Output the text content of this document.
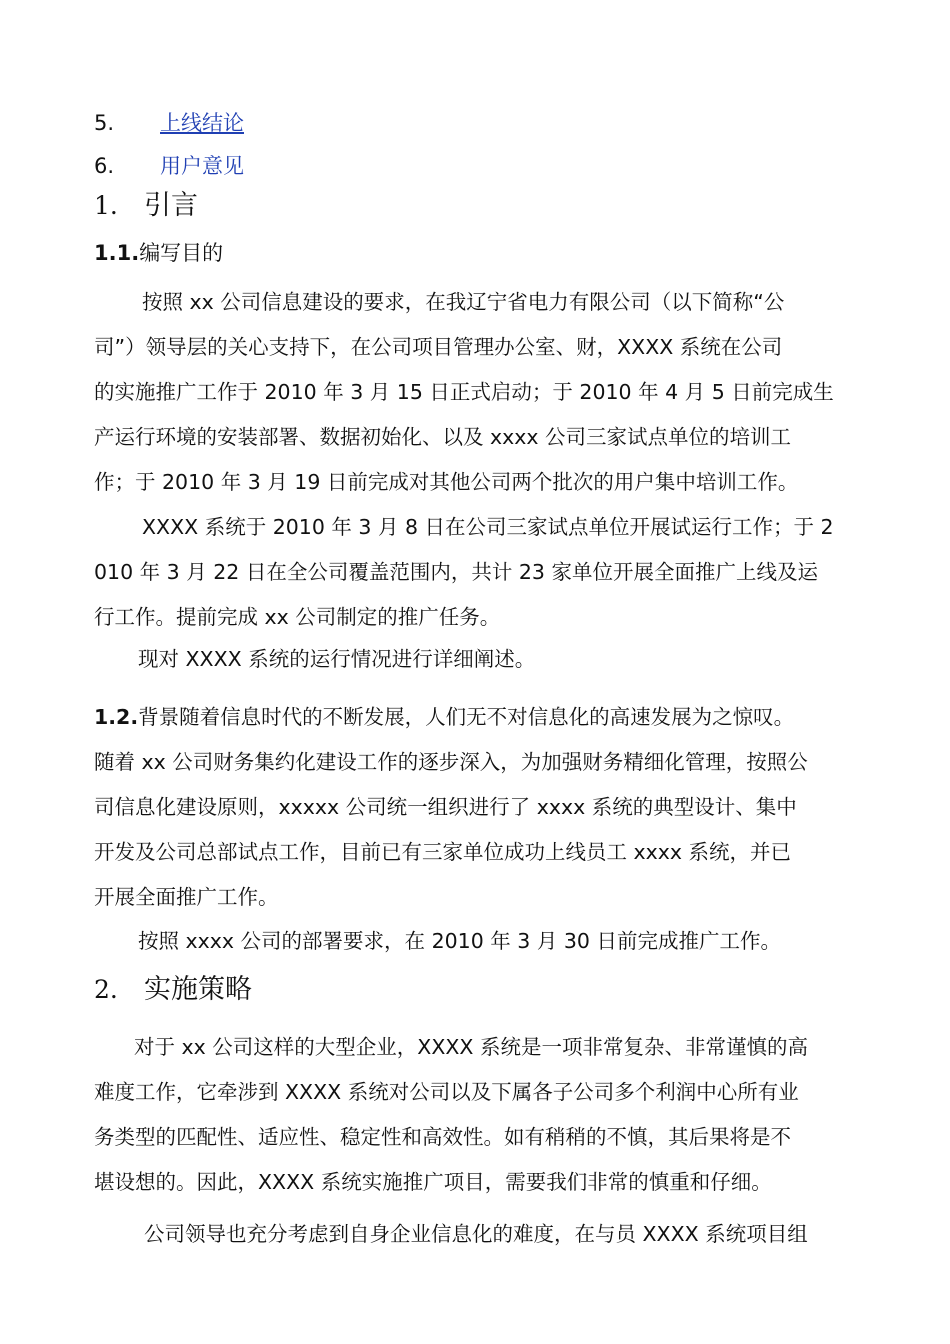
5. 上线结论
6. 用户意见
1. 引言
1.1.编写目的
按照 xx 公司信息建设的要求，在我辽宁省电力有限公司（以下简称“公
司”）领导层的关心支持下，在公司项目管理办公室、财，XXXX 系统在公司
的实施推广工作于 2010 年 3 月 15 日正式启动；于 2010 年 4 月 5 日前完成生
产运行环境的安装部署、数据初始化、以及 xxxx 公司三家试点单位的培训工
作；于 2010 年 3 月 19 日前完成对其他公司两个批次的用户集中培训工作。
XXXX 系统于 2010 年 3 月 8 日在公司三家试点单位开展试运行工作；于 2
010 年 3 月 22 日在全公司覆盖范围内，共计 23 家单位开展全面推广上线及运
行工作。提前完成 xx 公司制定的推广任务。
现对 XXXX 系统的运行情况进行详细阐述。
1.2.背景随着信息时代的不断发展，人们无不对信息化的高速发展为之惊叹。
随着 xx 公司财务集约化建设工作的逐步深入，为加强财务精细化管理，按照公
司信息化建设原则，xxxxx 公司统一组织进行了 xxxx 系统的典型设计、集中
开发及公司总部试点工作，目前已有三家单位成功上线员工 xxxx 系统，并已
开展全面推广工作。
按照 xxxx 公司的部署要求，在 2010 年 3 月 30 日前完成推广工作。
2. 实施策略
对于 xx 公司这样的大型企业，XXXX 系统是一项非常复杂、非常谨慎的高
难度工作，它牵涉到 XXXX 系统对公司以及下属各子公司多个利润中心所有业
务类型的匹配性、适应性、稳定性和高效性。如有稍稍的不慎，其后果将是不
堪设想的。因此，XXXX 系统实施推广项目，需要我们非常的慎重和仔细。
公司领导也充分考虑到自身企业信息化的难度，在与员 XXXX 系统项目组
